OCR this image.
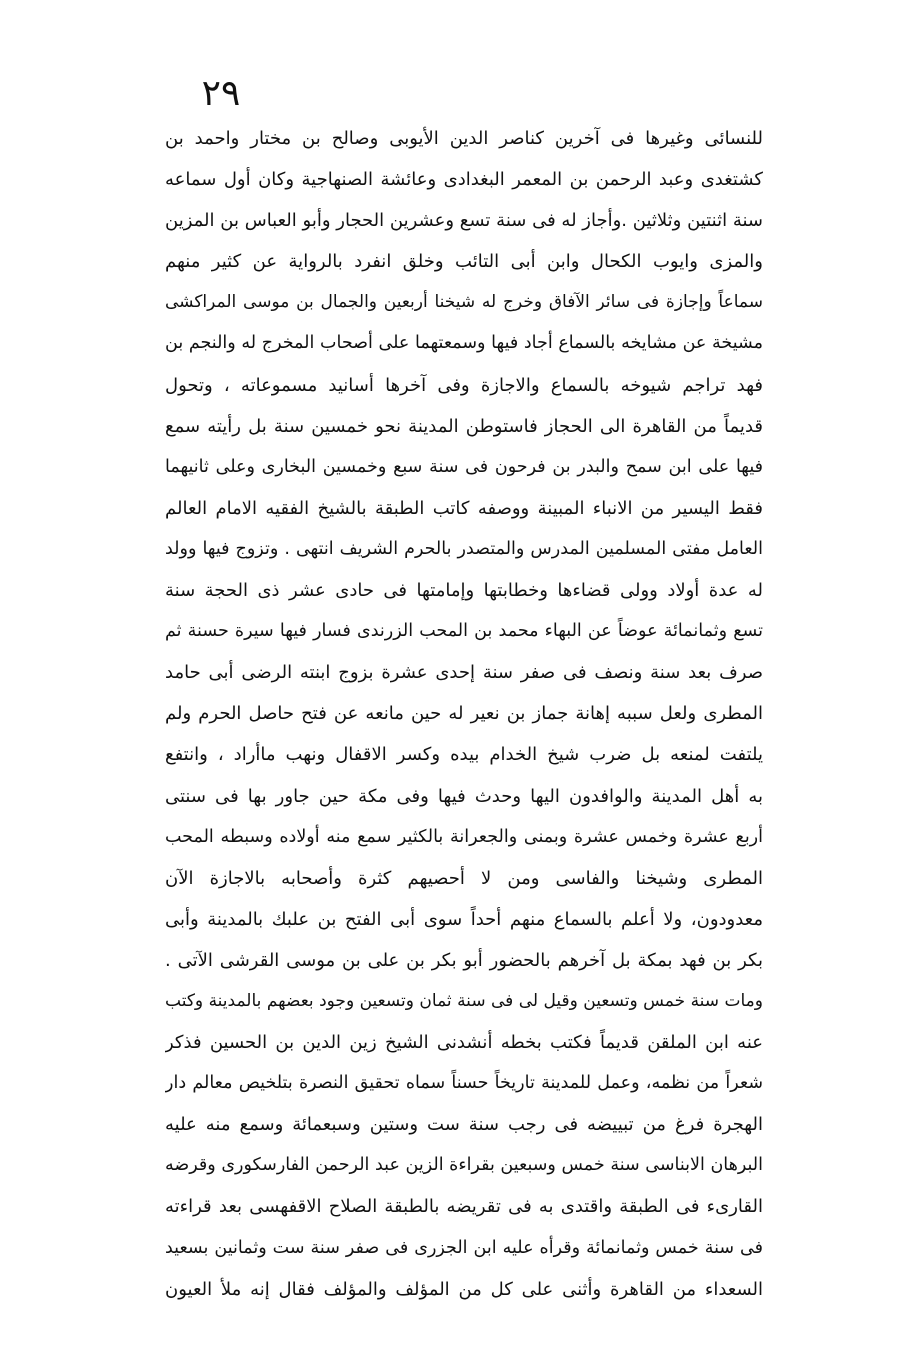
٢٩
للنسائى وغيرها فى آخرين كناصر الدين الأيوبى وصالح بن مختار واحمد بن
كشتغدى وعبد الرحمن بن المعمر البغدادى وعائشة الصنهاجية وكان أول سماعه
سنة اثنتين وثلاثين .وأجاز له فى سنة تسع وعشرين الحجار وأبو العباس بن المزين
والمزى وايوب الكحال وابن أبى التائب وخلق انفرد بالرواية عن كثير منهم
سماعاً وإجازة فى سائر الآفاق وخرج له شيخنا أربعين والجمال بن موسى المراكشى
مشيخة عن مشايخه بالسماع أجاد فيها وسمعتهما على أصحاب المخرج له والنجم بن
فهد تراجم شيوخه بالسماع والاجازة وفى آخرها أسانيد مسموعاته ، وتحول
قديماً من القاهرة الى الحجاز فاستوطن المدينة نحو خمسين سنة بل رأيته سمع
فيها على ابن سمح والبدر بن فرحون فى سنة سبع وخمسين البخارى وعلى ثانيهما
فقط اليسير من الانباء المبينة ووصفه كاتب الطبقة بالشيخ الفقيه الامام العالم
العامل مفتى المسلمين المدرس والمتصدر بالحرم الشريف انتهى . وتزوج فيها وولد
له عدة أولاد وولى قضاءها وخطابتها وإمامتها فى حادى عشر ذى الحجة سنة
تسع وثمانمائة عوضاً عن البهاء محمد بن المحب الزرندى فسار فيها سيرة حسنة ثم
صرف بعد سنة ونصف فى صفر سنة إحدى عشرة بزوج ابنته الرضى أبى حامد
المطرى ولعل سببه إهانة جماز بن نعير له حين مانعه عن فتح حاصل الحرم ولم
يلتفت لمنعه بل ضرب شيخ الخدام بيده وكسر الاقفال ونهب ماأراد ، وانتفع
به أهل المدينة والوافدون اليها وحدث فيها وفى مكة حين جاور بها فى سنتى
أربع عشرة وخمس عشرة وبمنى والجعرانة بالكثير سمع منه أولاده وسبطه المحب
المطرى وشيخنا والفاسى ومن لا أحصيهم كثرة وأصحابه بالاجازة الآن
معدودون، ولا أعلم بالسماع منهم أحداً سوى أبى الفتح بن علبك بالمدينة وأبى
بكر بن فهد بمكة بل آخرهم بالحضور أبو بكر بن على بن موسى القرشى الآتى .
ومات سنة خمس وتسعين وقيل لى فى سنة ثمان وتسعين وجود بعضهم بالمدينة وكتب
عنه ابن الملقن قديماً فكتب بخطه أنشدنى الشيخ زين الدين بن الحسين فذكر
شعراً من نظمه، وعمل للمدينة تاريخاً حسناً سماه تحقيق النصرة بتلخيص معالم دار
الهجرة فرغ من تبييضه فى رجب سنة ست وستين وسبعمائة وسمع منه عليه
البرهان الابناسى سنة خمس وسبعين بقراءة الزين عبد الرحمن الفارسكورى وقرضه
القارىء فى الطبقة واقتدى به فى تقريضه بالطبقة الصلاح الاقفهسى بعد قراءته
فى سنة خمس وثمانمائة وقرأه عليه ابن الجزرى فى صفر سنة ست وثمانين بسعيد
السعداء من القاهرة وأثنى على كل من المؤلف والمؤلف فقال إنه ملأ العيون
